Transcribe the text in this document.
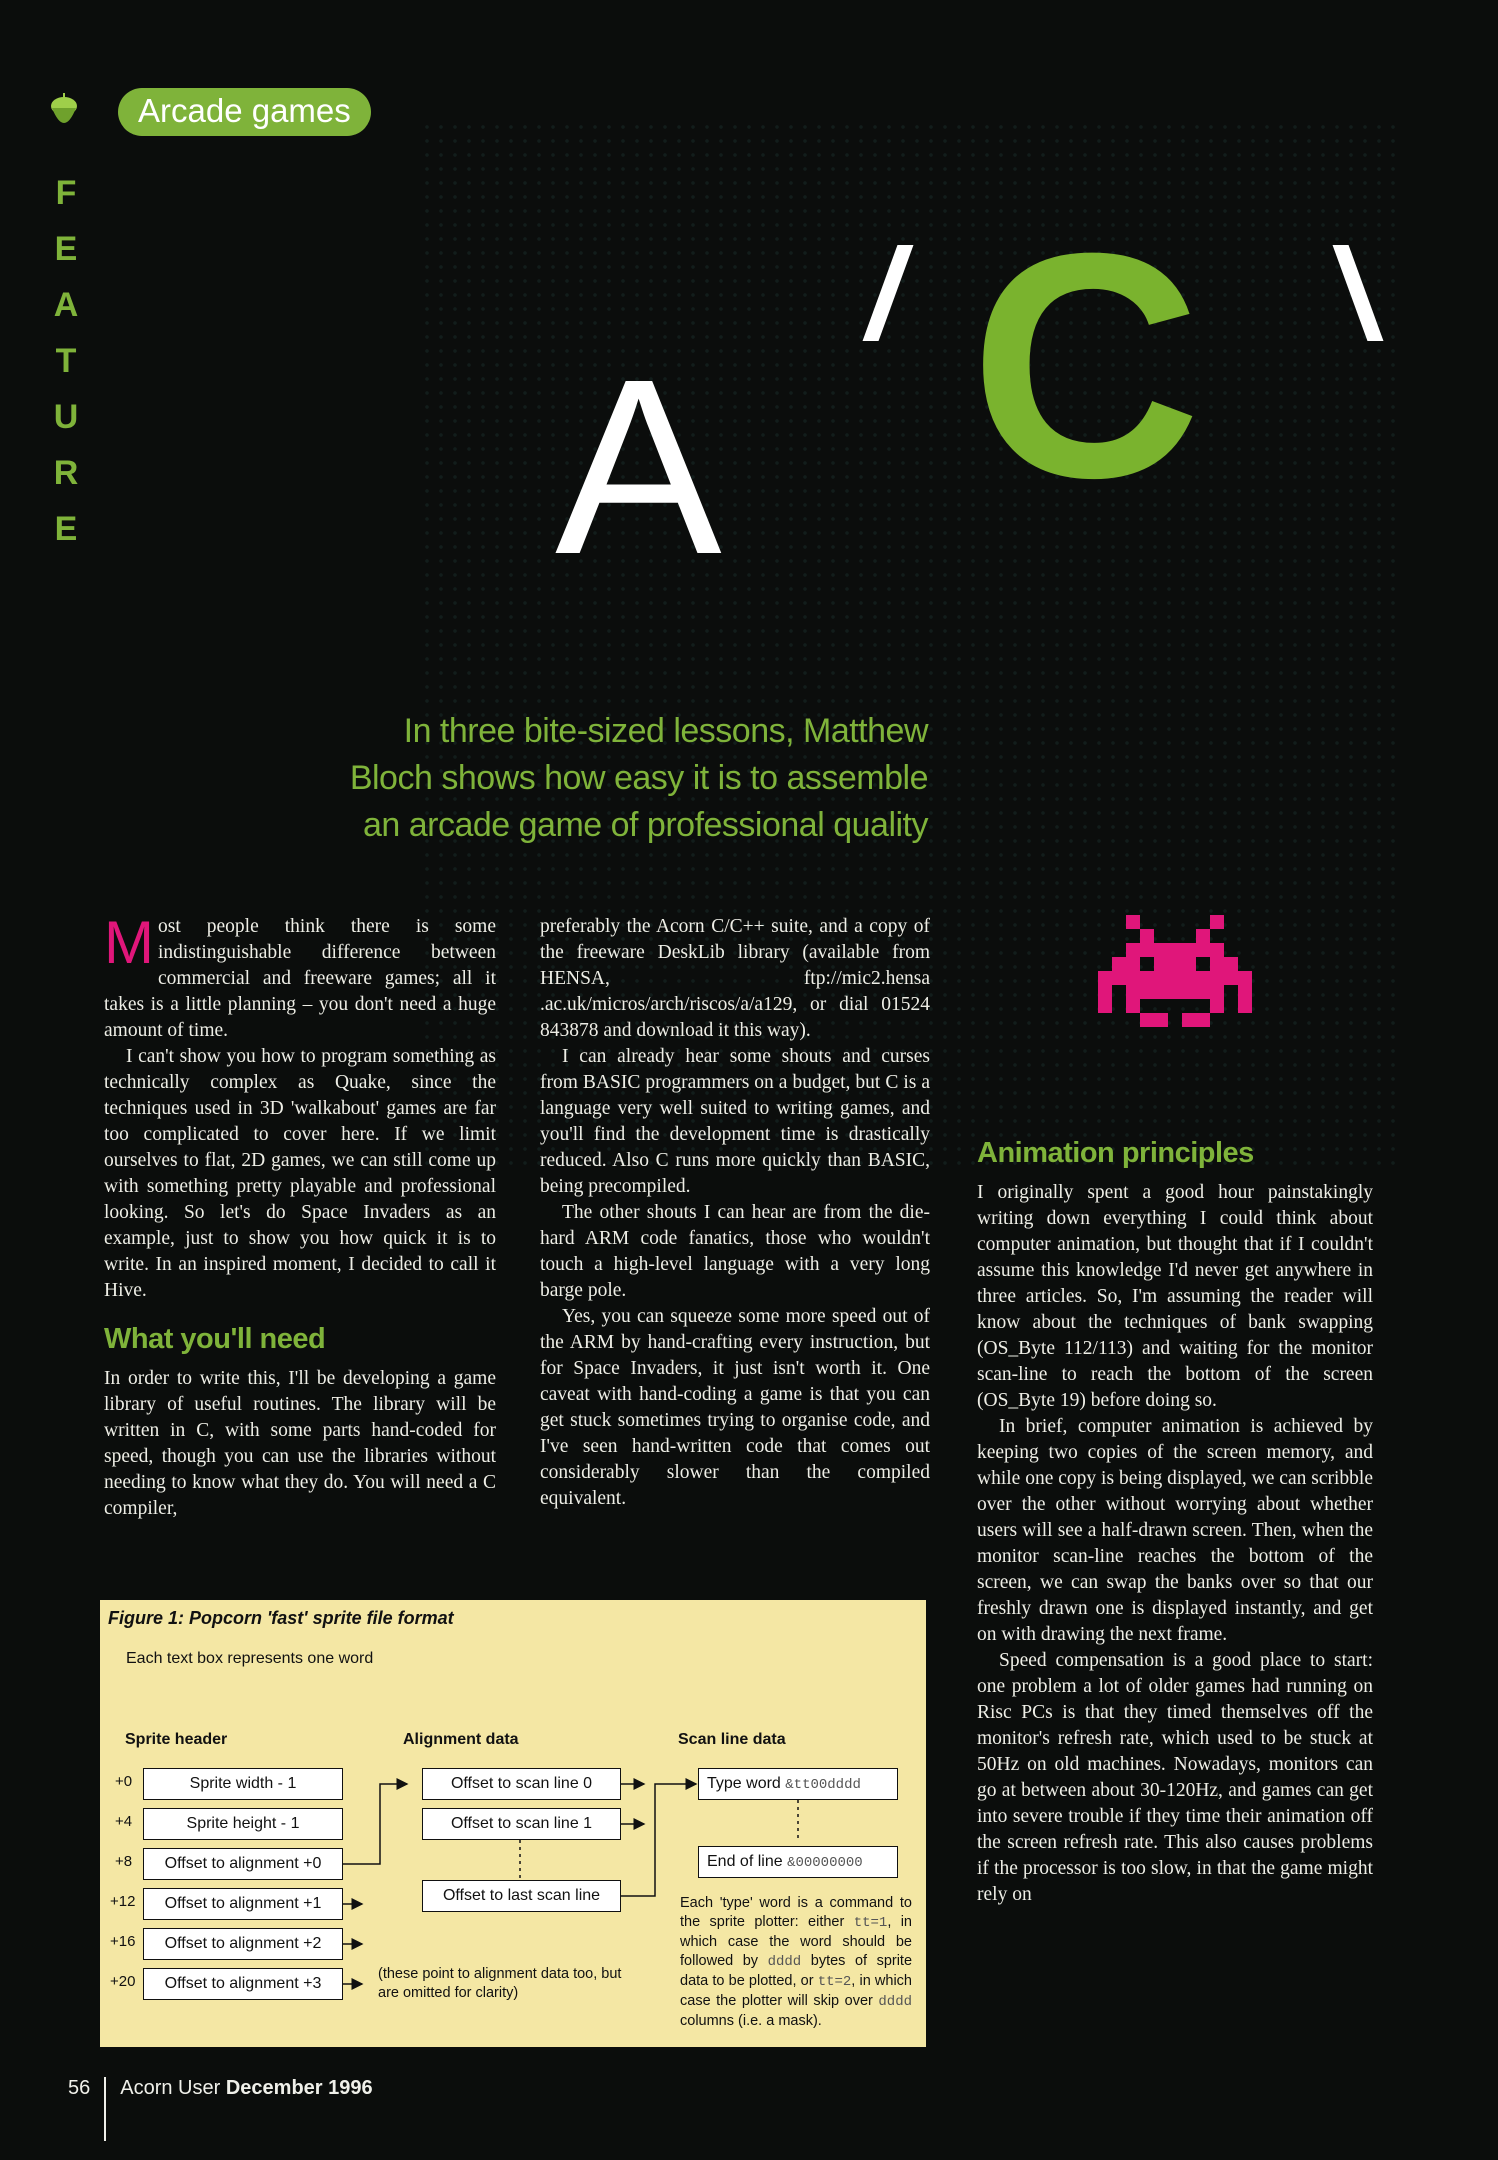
Arcade games
F
E
A
T
U
R
E A C
In three bite-sized lessons, Matthew
Bloch shows how easy it is to assemble
an arcade game of professional quality

Most people think there is some indistinguishable difference between commercial and freeware games; all it takes is a little planning – you don't need a huge amount of time.

I can't show you how to program something as technically complex as Quake, since the techniques used in 3D 'walkabout' games are far too complicated to cover here. If we limit ourselves to flat, 2D games, we can still come up with something pretty playable and professional looking. So let's do Space Invaders as an example, just to show you how quick it is to write. In an inspired moment, I decided to call it Hive.

What you'll need

In order to write this, I'll be developing a game library of useful routines. The library will be written in C, with some parts hand-coded for speed, though you can use the libraries without needing to know what they do. You will need a C compiler,

preferably the Acorn C/C++ suite, and a copy of the freeware DeskLib library (available from HENSA, ftp://mic2.hensa .ac.uk/micros/arch/riscos/a/a129, or dial 01524 843878 and download it this way).

I can already hear some shouts and curses from BASIC programmers on a budget, but C is a language very well suited to writing games, and you'll find the development time is drastically reduced. Also C runs more quickly than BASIC, being precompiled.

The other shouts I can hear are from the die-hard ARM code fanatics, those who wouldn't touch a high-level language with a very long barge pole.

Yes, you can squeeze some more speed out of the ARM by hand-crafting every instruction, but for Space Invaders, it just isn't worth it. One caveat with hand-coding a game is that you can get stuck sometimes trying to organise code, and I've seen hand-written code that comes out considerably slower than the compiled equivalent.

Animation principles

I originally spent a good hour painstakingly writing down everything I could think about computer animation, but thought that if I couldn't assume this knowledge I'd never get anywhere in three articles. So, I'm assuming the reader will know about the techniques of bank swapping (OS_Byte 112/113) and waiting for the monitor scan-line to reach the bottom of the screen (OS_Byte 19) before doing so.

In brief, computer animation is achieved by keeping two copies of the screen memory, and while one copy is being displayed, we can scribble over the other without worrying about whether users will see a half-drawn screen. Then, when the monitor scan-line reaches the bottom of the screen, we can swap the banks over so that our freshly drawn one is displayed instantly, and get on with drawing the next frame.

Speed compensation is a good place to start: one problem a lot of older games had running on Risc PCs is that they timed themselves off the monitor's refresh rate, which used to be stuck at 50Hz on old machines. Nowadays, monitors can go at between about 30-120Hz, and games can get into severe trouble if they time their animation off the screen refresh rate. This also causes problems if the processor is too slow, in that the game might rely on

Figure 1: Popcorn 'fast' sprite file format
Each text box represents one word
Sprite header	Alignment data	Scan line data
+0
+4
+8
+12
+16
+20
Sprite width - 1
Sprite height - 1
Offset to alignment +0
Offset to alignment +1
Offset to alignment +2
Offset to alignment +3
Offset to scan line 0
Offset to scan line 1
Offset to last scan line
(these point to alignment data too, but are omitted for clarity)
Type word &tt00dddd
End of line &00000000
Each 'type' word is a command to the sprite plotter: either tt=1, in which case the word should be followed by dddd bytes of sprite data to be plotted, or tt=2, in which case the plotter will skip over dddd columns (i.e. a mask).
56 Acorn User December 1996
